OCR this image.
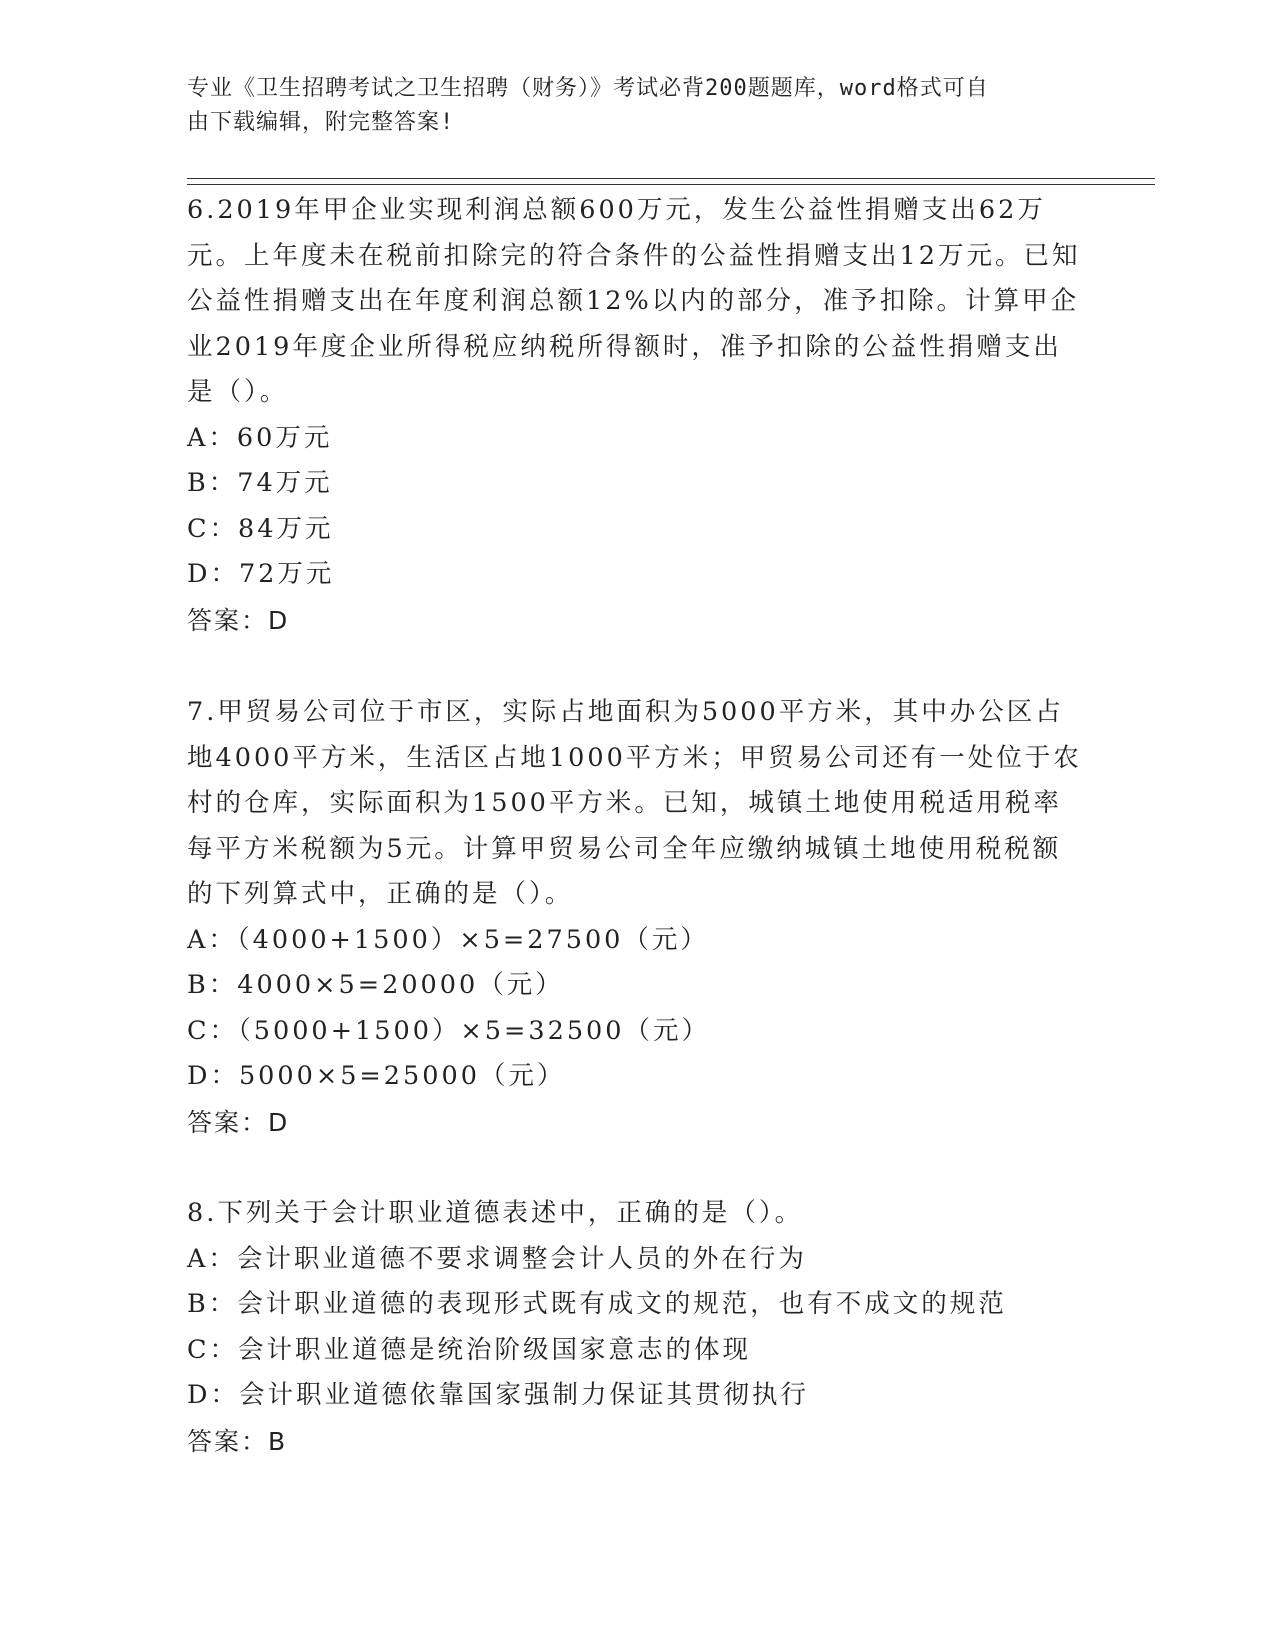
专业《卫生招聘考试之卫生招聘（财务）》考试必背200题题库，word格式可自
由下载编辑，附完整答案!

6.2019年甲企业实现利润总额600万元，发生公益性捐赠支出62万元。上年度未在税前扣除完的符合条件的公益性捐赠支出12万元。已知公益性捐赠支出在年度利润总额12%以内的部分，准予扣除。计算甲企业2019年度企业所得税应纳税所得额时，准予扣除的公益性捐赠支出是（）。

A：60万元

B：74万元

C：84万元

D：72万元

答案：D

7.甲贸易公司位于市区，实际占地面积为5000平方米，其中办公区占地4000平方米，生活区占地1000平方米；甲贸易公司还有一处位于农村的仓库，实际面积为1500平方米。已知，城镇土地使用税适用税率每平方米税额为5元。计算甲贸易公司全年应缴纳城镇土地使用税税额的下列算式中，正确的是（）。

A：（4000+1500）×5=27500（元）

B：4000×5=20000（元）

C：（5000+1500）×5=32500（元）

D：5000×5=25000（元）

答案：D

8.下列关于会计职业道德表述中，正确的是（）。

A：会计职业道德不要求调整会计人员的外在行为

B：会计职业道德的表现形式既有成文的规范，也有不成文的规范

C：会计职业道德是统治阶级国家意志的体现

D：会计职业道德依靠国家强制力保证其贯彻执行

答案：B
